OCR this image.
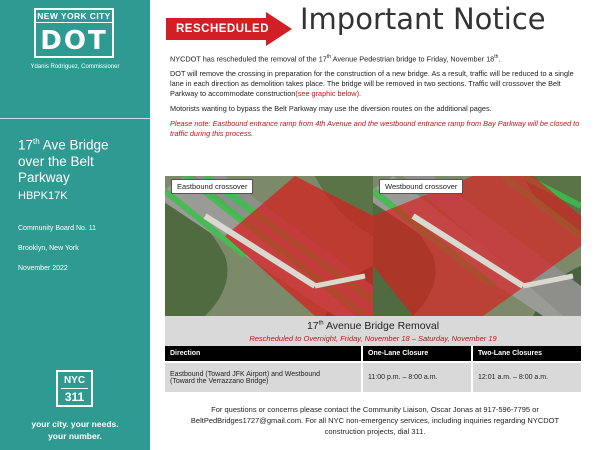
NEW YORK CITY
DOT
Ydanis Rodriguez, Commissioner
17th Ave Bridge
over the Belt
Parkway
HBPK17K
Community Board No. 11
Brooklyn, New York
November 2022
NYC
311
your city. your needs.
your number.
RESCHEDULED Important Notice

NYCDOT has rescheduled the removal of the 17th Avenue Pedestrian bridge to Friday, November 18th.

DOT will remove the crossing in preparation for the construction of a new bridge. As a result, traffic will be reduced to a single lane in each direction as demolition takes place. The bridge will be removed in two sections. Traffic will crossover the Belt Parkway to accommodate construction(see graphic below).

Motorists wanting to bypass the Belt Parkway may use the diversion routes on the additional pages.

Please note: Eastbound entrance ramp from 4th Avenue and the westbound entrance ramp from Bay Parkway will be closed to traffic during this process.

Eastbound crossover	Westbound crossover
17th Avenue Bridge Removal
Rescheduled to Overnight, Friday, November 18 – Saturday, November 19
Direction	One-Lane Closure	Two-Lane Closures
Eastbound (Toward JFK Airport) and Westbound
(Toward the Verrazzano Bridge)	11:00 p.m. – 8:00 a.m.	12:01 a.m. – 8:00 a.m.
For questions or concerns please contact the Community Liaison, Oscar Jonas at 917-596-7795 or
BeltPedBridges1727@gmail.com. For all NYC non-emergency services, including inquiries regarding NYCDOT
construction projects, dial 311.
